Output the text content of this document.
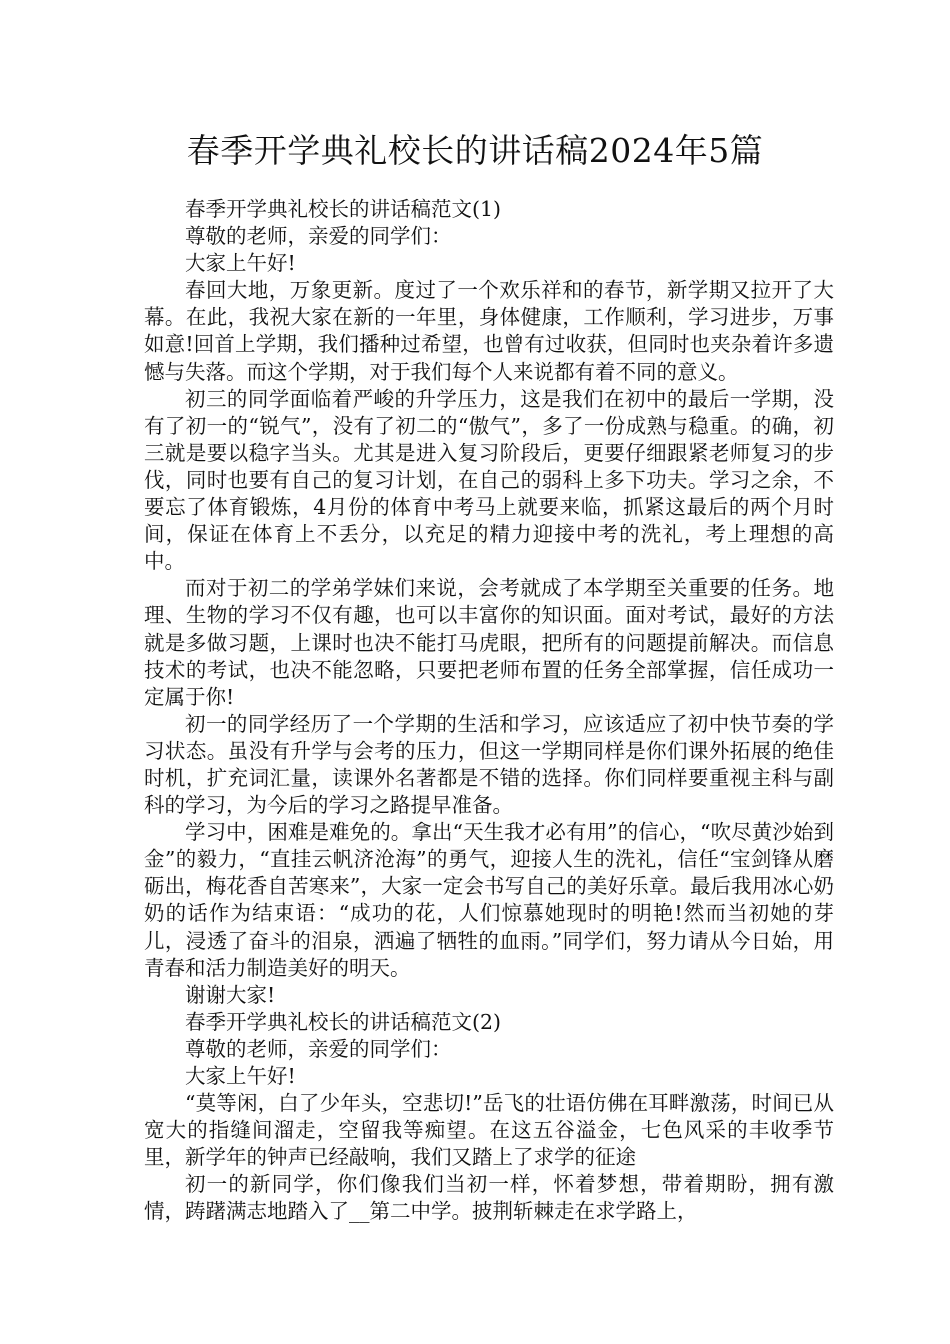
春季开学典礼校长的讲话稿2024年5篇

春季开学典礼校长的讲话稿范文(1)

尊敬的老师，亲爱的同学们：

大家上午好!

春回大地，万象更新。度过了一个欢乐祥和的春节，新学期又拉开了大幕。在此，我祝大家在新的一年里，身体健康，工作顺利，学习进步，万事如意!回首上学期，我们播种过希望，也曾有过收获，但同时也夹杂着许多遗憾与失落。而这个学期，对于我们每个人来说都有着不同的意义。

初三的同学面临着严峻的升学压力，这是我们在初中的最后一学期，没有了初一的“锐气”，没有了初二的“傲气”，多了一份成熟与稳重。的确，初三就是要以稳字当头。尤其是进入复习阶段后，更要仔细跟紧老师复习的步伐，同时也要有自己的复习计划，在自己的弱科上多下功夫。学习之余，不要忘了体育锻炼，4月份的体育中考马上就要来临，抓紧这最后的两个月时间，保证在体育上不丢分，以充足的精力迎接中考的洗礼，考上理想的高中。

而对于初二的学弟学妹们来说，会考就成了本学期至关重要的任务。地理、生物的学习不仅有趣，也可以丰富你的知识面。面对考试，最好的方法就是多做习题，上课时也决不能打马虎眼，把所有的问题提前解决。而信息技术的考试，也决不能忽略，只要把老师布置的任务全部掌握，信任成功一定属于你!

初一的同学经历了一个学期的生活和学习，应该适应了初中快节奏的学习状态。虽没有升学与会考的压力，但这一学期同样是你们课外拓展的绝佳时机，扩充词汇量，读课外名著都是不错的选择。你们同样要重视主科与副科的学习，为今后的学习之路提早准备。

学习中，困难是难免的。拿出“天生我才必有用”的信心，“吹尽黄沙始到金”的毅力，“直挂云帆济沧海”的勇气，迎接人生的洗礼，信任“宝剑锋从磨砺出，梅花香自苦寒来”，大家一定会书写自己的美好乐章。最后我用冰心奶奶的话作为结束语：“成功的花，人们惊慕她现时的明艳!然而当初她的芽儿，浸透了奋斗的泪泉，洒遍了牺牲的血雨。”同学们，努力请从今日始，用青春和活力制造美好的明天。

谢谢大家!

春季开学典礼校长的讲话稿范文(2)

尊敬的老师，亲爱的同学们：

大家上午好!

“莫等闲，白了少年头，空悲切!”岳飞的壮语仿佛在耳畔激荡，时间已从宽大的指缝间溜走，空留我等痴望。在这五谷溢金，七色风采的丰收季节里，新学年的钟声已经敲响，我们又踏上了求学的征途

初一的新同学，你们像我们当初一样，怀着梦想，带着期盼，拥有激情，踌躇满志地踏入了__第二中学。披荆斩棘走在求学路上，
